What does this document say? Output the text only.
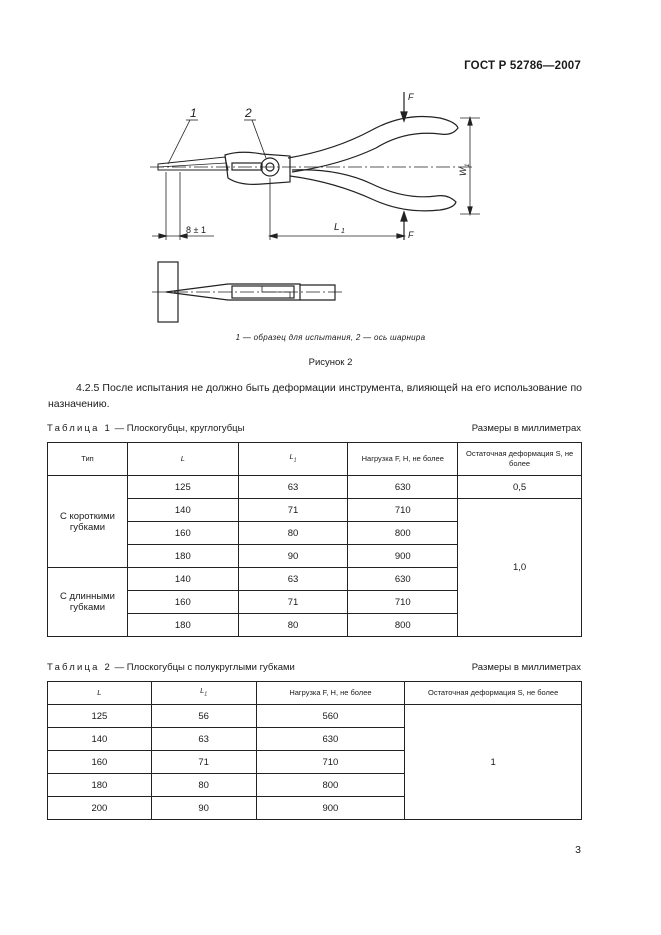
ГОСТ Р 52786—2007
1	2
F
F
W
1
8 ± 1	L 1
1 — образец для испытания, 2 — ось шарнира
Рисунок 2
4.2.5 После испытания не должно быть деформации инструмента, влияющей на его использование по назначению.
Таблица 1 — Плоскогубцы, круглогубцы	Размеры в миллиметрах
Тип	L	$L_1$	Нагрузка F, Н, не более	Остаточная деформация S, не более
С короткими губками	125	63	630	0,5
	140	71	710	1,0
	160	80	800	
	180	90	900	
С длинными губками	140	63	630	
	160	71	710	
	180	80	800	
Таблица 2 — Плоскогубцы с полукруглыми губками	Размеры в миллиметрах
L	$L_1$	Нагрузка F, Н, не более	Остаточная деформация S, не более
125	56	560	1
140	63	630	
160	71	710	
180	80	800	
200	90	900	
3
